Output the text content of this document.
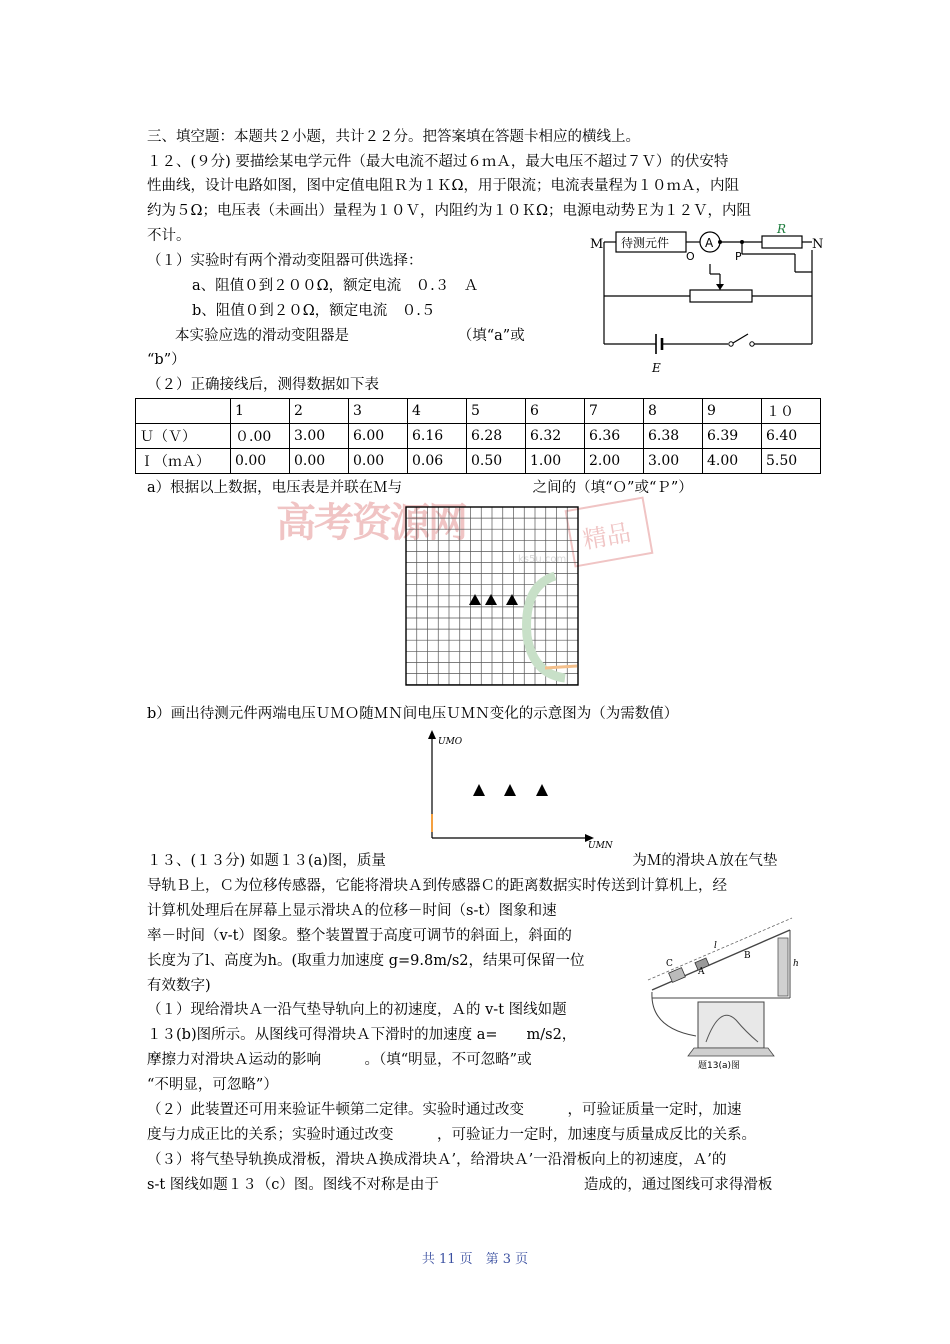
三、填空题：本题共２小题，共计２２分。把答案填在答题卡相应的横线上。
１２、(９分) 要描绘某电学元件（最大电流不超过６ｍＡ，最大电压不超过７Ｖ）的伏安特
性曲线，设计电路如图，图中定值电阻Ｒ为１ＫΩ，用于限流；电流表量程为１０ｍＡ，内阻
约为５Ω；电压表（未画出）量程为１０Ｖ，内阻约为１０ＫΩ；电源电动势Ｅ为１２Ｖ，内阻
不计。
（１）实验时有两个滑动变阻器可供选择：
a、阻值０到２００Ω，额定电流　０.３　Ａ
b、阻值０到２０Ω，额定电流　０.５
本实验应选的滑动变阻器是　　　　　　　　（填“a”或
“b”）
（２）正确接线后，测得数据如下表
M 待测元件	A
O	P
R
N
E
	1	2	3	4	5	6	7	8	9	１０
Ｕ（Ｖ）	０.00	3.00	6.00	6.16	6.28	6.32	6.36	6.38	6.39	6.40
Ｉ（ｍＡ）	0.00	0.00	0.00	0.06	0.50	1.00	2.00	3.00	4.00	5.50
a）根据以上数据，电压表是并联在Ｍ与　　　　　　　　　之间的（填“Ｏ”或“Ｐ”）
高考资源网	精品
ks5u.com
b）画出待测元件两端电压ＵＭＯ随ＭＮ间电压ＵＭＮ变化的示意图为（为需数值）
UMO
UMN
１３、(１３分) 如题１３(a)图，质量　　　　　　　　　　　　　　　　　为Ｍ的滑块Ａ放在气垫
导轨Ｂ上，Ｃ为位移传感器，它能将滑块Ａ到传感器Ｃ的距离数据实时传送到计算机上，经
计算机处理后在屏幕上显示滑块Ａ的位移－时间（s-t）图象和速
率－时间（v-t）图象。整个装置置于高度可调节的斜面上，斜面的
长度为了l、高度为h。(取重力加速度 g=9.8m/s2，结果可保留一位
有效数字)
（１）现给滑块Ａ一沿气垫导轨向上的初速度，Ａ的 v-t 图线如题
１３(b)图所示。从图线可得滑块Ａ下滑时的加速度 a=　　m/s2，
摩擦力对滑块Ａ运动的影响　　　。（填“明显，不可忽略”或
“不明显，可忽略”）
（２）此装置还可用来验证牛顿第二定律。实验时通过改变　　　，可验证质量一定时，加速
度与力成正比的关系；实验时通过改变　　　，可验证力一定时，加速度与质量成反比的关系。
（３）将气垫导轨换成滑板，滑块Ａ换成滑块Ａ’，给滑块Ａ’一沿滑板向上的初速度，Ａ’的
s-t 图线如题１３（c）图。图线不对称是由于　　　　　　　　　　造成的，通过图线可求得滑板
l
h
C
A
B
题13(a)图
共 11 页　第 3 页
